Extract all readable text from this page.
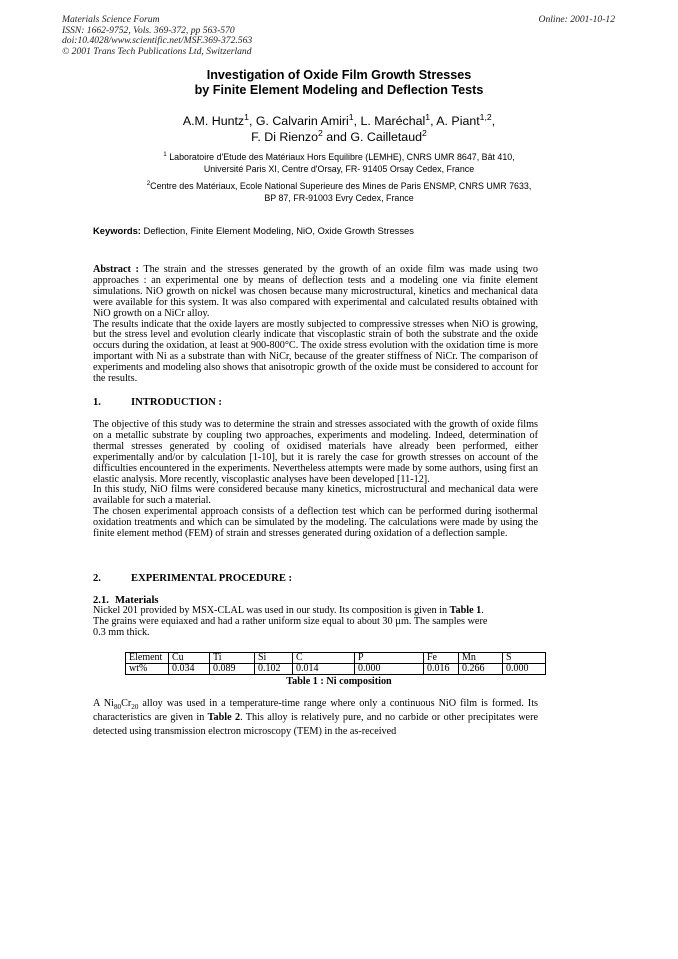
Materials Science Forum
ISSN: 1662-9752, Vols. 369-372, pp 563-570
doi:10.4028/www.scientific.net/MSF.369-372.563
© 2001 Trans Tech Publications Ltd, Switzerland
Online: 2001-10-12
Investigation of Oxide Film Growth Stresses
by Finite Element Modeling and Deflection Tests
A.M. Huntz$^1$, G. Calvarin Amiri$^1$, L. Maréchal$^1$, A. Piant$^{1,2}$,
F. Di Rienzo$^2$ and G. Cailletaud$^2$
$^1$ Laboratoire d'Etude des Matériaux Hors Equilibre (LEMHE), CNRS UMR 8647, Bât 410,
Université Paris XI, Centre d'Orsay, FR- 91405 Orsay Cedex, France
$^2$Centre des Matériaux, Ecole National Superieure des Mines de Paris ENSMP, CNRS UMR 7633,
BP 87, FR-91003 Evry Cedex, France
Keywords: Deflection, Finite Element Modeling, NiO, Oxide Growth Stresses
Abstract : The strain and the stresses generated by the growth of an oxide film was made using two approaches : an experimental one by means of deflection tests and a modeling one via finite element simulations. NiO growth on nickel was chosen because many microstructural, kinetics and mechanical data were available for this system. It was also compared with experimental and calculated results obtained with NiO growth on a NiCr alloy.
The results indicate that the oxide layers are mostly subjected to compressive stresses when NiO is growing, but the stress level and evolution clearly indicate that viscoplastic strain of both the substrate and the oxide occurs during the oxidation, at least at 900-800°C. The oxide stress evolution with the oxidation time is more important with Ni as a substrate than with NiCr, because of the greater stiffness of NiCr. The comparison of experiments and modeling also shows that anisotropic growth of the oxide must be considered to account for the results.
1.	INTRODUCTION :
The objective of this study was to determine the strain and stresses associated with the growth of oxide films on a metallic substrate by coupling two approaches, experiments and modeling. Indeed, determination of thermal stresses generated by cooling of oxidised materials have already been performed, either experimentally and/or by calculation [1-10], but it is rarely the case for growth stresses on account of the difficulties encountered in the experiments. Nevertheless attempts were made by some authors, using first an elastic analysis. More recently, viscoplastic analyses have been developed [11-12].
In this study, NiO films were considered because many kinetics, microstructural and mechanical data were available for such a material.
The chosen experimental approach consists of a deflection test which can be performed during isothermal oxidation treatments and which can be simulated by the modeling. The calculations were made by using the finite element method (FEM) of strain and stresses generated during oxidation of a deflection sample.
2.	EXPERIMENTAL PROCEDURE :
2.1. Materials
Nickel 201 provided by MSX-CLAL was used in our study. Its composition is given in Table 1.
The grains were equiaxed and had a rather uniform size equal to about 30 µm. The samples were
0.3 mm thick.
Element	Cu	Ti	Si	C	P	Fe	Mn	S
wt%	0.034	0.089	0.102	0.014	0.000	0.016	0.266	0.000
Table 1 : Ni composition
A $Ni_{80}Cr_{20}$ alloy was used in a temperature-time range where only a continuous NiO film is formed. Its characteristics are given in Table 2. This alloy is relatively pure, and no carbide or other precipitates were detected using transmission electron microscopy (TEM) in the as-received
